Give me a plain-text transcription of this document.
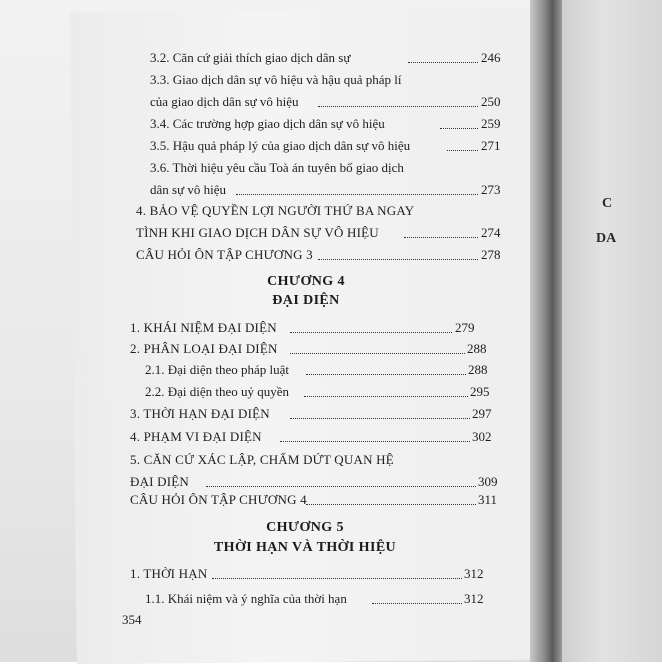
C
DA
3.2. Căn cứ giải thích giao dịch dân sự	246
3.3. Giao dịch dân sự vô hiệu và hậu quả pháp lí
của giao dịch dân sự vô hiệu	250
3.4. Các trường hợp giao dịch dân sự vô hiệu	259
3.5. Hậu quả pháp lý của giao dịch dân sự vô hiệu	271
3.6. Thời hiệu yêu cầu Toà án tuyên bố giao dịch
dân sự vô hiệu	273
4. BẢO VỆ QUYỀN LỢI NGƯỜI THỨ BA NGAY
TÌNH KHI GIAO DỊCH DÂN SỰ VÔ HIỆU	274
CÂU HỎI ÔN TẬP CHƯƠNG 3	278
CHƯƠNG 4
ĐẠI DIỆN
1. KHÁI NIỆM ĐẠI DIỆN	279
2. PHÂN LOẠI ĐẠI DIỆN	288
2.1. Đại diện theo pháp luật	288
2.2. Đại diện theo uỷ quyền	295
3. THỜI HẠN ĐẠI DIỆN	297
4. PHẠM VI ĐẠI DIỆN	302
5. CĂN CỨ XÁC LẬP, CHẤM DỨT QUAN HỆ
ĐẠI DIỆN	309
CÂU HỎI ÔN TẬP CHƯƠNG 4	311
CHƯƠNG 5
THỜI HẠN VÀ THỜI HIỆU
1. THỜI HẠN	312
1.1. Khái niệm và ý nghĩa của thời hạn	312
354
